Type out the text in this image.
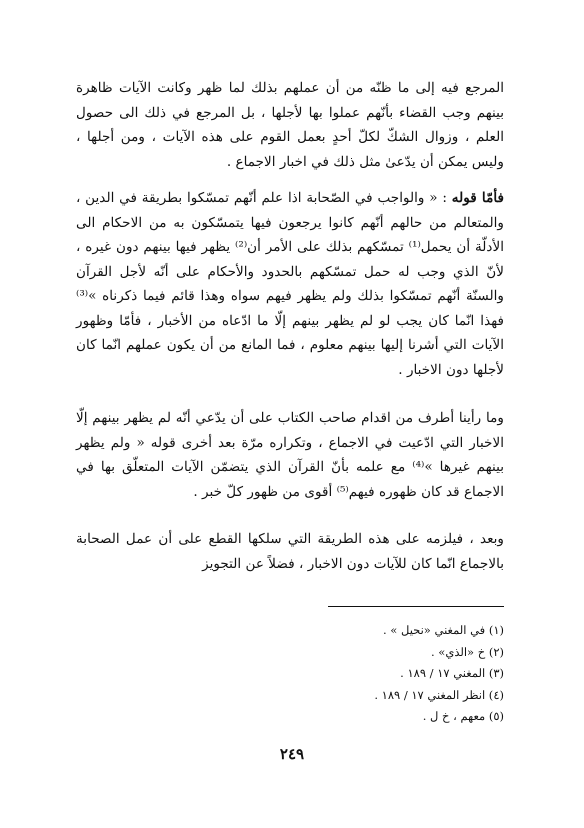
المرجع فيه إلى ما ظنّه من أن عملهم بذلك لما ظهر وكانت الآيات ظاهرة بينهم وجب القضاء بأنّهم عملوا بها لأجلها ، بل المرجع في ذلك الى حصول العلم ، وزوال الشكّ لكلّ أحدٍ بعمل القوم على هذه الآيات ، ومن أجلها ، وليس يمكن أن يدّعىٰ مثل ذلك في اخبار الاجماع .
فأمّا قوله : « والواجب في الصّحابة اذا علم أنّهم تمسّكوا بطريقة في الدين ، والمتعالم من حالهم أنّهم كانوا يرجعون فيها يتمسّكون به من الاحكام الى الأدلّة أن يحمل⁽¹⁾ تمسّكهم بذلك على الأمر أن⁽²⁾ يظهر فيها بينهم دون غيره ، لأنّ الذي وجب له حمل تمسّكهم بالحدود والأحكام على أنّه لأجل القرآن والسنّة أنّهم تمسّكوا بذلك ولم يظهر فيهم سواه وهذا قائم فيما ذكرناه »⁽³⁾ فهذا انّما كان يجب لو لم يظهر بينهم إلّا ما ادّعاه من الأخبار ، فأمّا وظهور الآيات التي أشرنا إليها بينهم معلوم ، فما المانع من أن يكون عملهم انّما كان لأجلها دون الاخبار .
وما رأينا أطرف من اقدام صاحب الكتاب على أن يدّعي أنّه لم يظهر بينهم إلّا الاخبار التي ادّعيت في الاجماع ، وتكراره مرّة بعد أخرى قوله « ولم يظهر بينهم غيرها »⁽⁴⁾ مع علمه بأنّ القرآن الذي يتضمّن الآيات المتعلّق بها في الاجماع قد كان ظهوره فيهم⁽⁵⁾ أقوى من ظهور كلّ خبر .
وبعد ، فيلزمه على هذه الطريقة التي سلكها القطع على أن عمل الصحابة بالاجماع انّما كان للآيات دون الاخبار ، فضلاً عن التجويز
(١) في المغني «نحيل » .
(٢) خ «الذي» .
(٣) المغني ١٧ / ١٨٩ .
(٤) انظر المغني ١٧ / ١٨٩ .
(٥) معهم ، خ ل .
٢٤٩
